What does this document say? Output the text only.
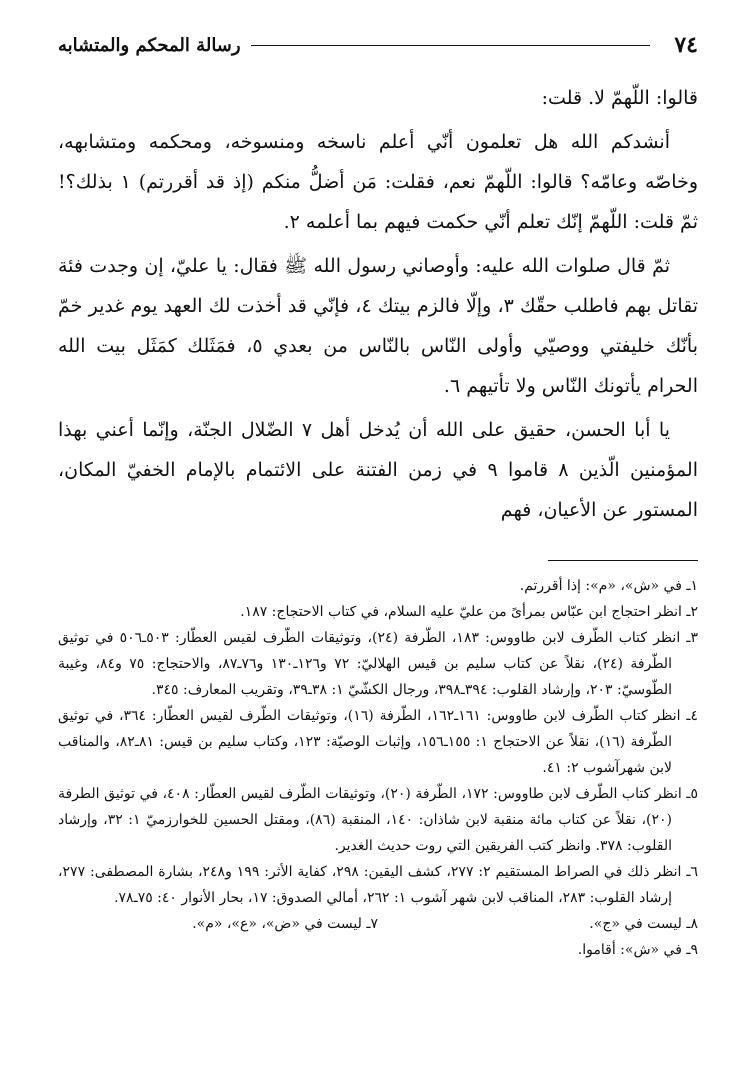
٧٤
رسالة المحكم والمتشابه

قالوا: اللّهمّ لا. قلت:

أنشدكم الله هل تعلمون أنّي أعلم ناسخه ومنسوخه، ومحكمه ومتشابهه، وخاصّه وعامّه؟ قالوا: اللّهمّ نعم، فقلت: مَن أضلُّ منكم (إذ قد أقررتم) ١ بذلك؟! ثمّ قلت: اللّهمّ إنّك تعلم أنّي حكمت فيهم بما أعلمه ٢.

ثمّ قال صلوات الله عليه: وأوصاني رسول الله ﷺ فقال: يا عليّ، إن وجدت فئة تقاتل بهم فاطلب حقّك ٣، وإلّا فالزم بيتك ٤، فإنّي قد أخذت لك العهد يوم غدير خمّ بأنّك خليفتي ووصيّي وأولى النّاس بالنّاس من بعدي ٥، فمَثَلك كمَثَل بيت الله الحرام يأتونك النّاس ولا تأتيهم ٦.

يا أبا الحسن، حقيق على الله أن يُدخل أهل ٧ الضّلال الجنّة، وإنّما أعني بهذا المؤمنين الّذين ٨ قاموا ٩ في زمن الفتنة على الائتمام بالإمام الخفيّ المكان، المستور عن الأعيان، فهم

١ـ في «ش»، «م»: إذا أقررتم.

٢ـ انظر احتجاج ابن عبّاس بمرأىً من عليّ عليه السلام، في كتاب الاحتجاج: ١٨٧.

٣ـ انظر كتاب الطّرف لابن طاووس: ١٨٣، الطّرفة (٢٤)، وتوثيقات الطّرف لقيس العطّار: ٥٠٣ـ٥٠٦ في توثيق الطّرفة (٢٤)، نقلاً عن كتاب سليم بن قيس الهلاليّ: ٧٢ و١٢٦ـ١٣٠ و٧٦ـ٨٧، والاحتجاج: ٧٥ و٨٤، وغيبة الطّوسيّ: ٢٠٣، وإرشاد القلوب: ٣٩٤ـ٣٩٨، ورجال الكشّيّ ١: ٣٨ـ٣٩، وتقريب المعارف: ٣٤٥.

٤ـ انظر كتاب الطّرف لابن طاووس: ١٦١ـ١٦٢، الطّرفة (١٦)، وتوثيقات الطّرف لقيس العطّار: ٣٦٤، في توثيق الطّرفة (١٦)، نقلاً عن الاحتجاج ١: ١٥٥ـ١٥٦، وإثبات الوصيّة: ١٢٣، وكتاب سليم بن قيس: ٨١ـ٨٢، والمناقب لابن شهرآشوب ٢: ٤١.

٥ـ انظر كتاب الطّرف لابن طاووس: ١٧٢، الطّرفة (٢٠)، وتوثيقات الطّرف لقيس العطّار: ٤٠٨، في توثيق الطرفة (٢٠)، نقلاً عن كتاب مائة منقبة لابن شاذان: ١٤٠، المنقبة (٨٦)، ومقتل الحسين للخوارزميّ ١: ٣٢، وإرشاد القلوب: ٣٧٨. وانظر كتب الفريقين التي روت حديث الغدير.

٦ـ انظر ذلك في الصراط المستقيم ٢: ٢٧٧، كشف اليقين: ٢٩٨، كفاية الأثر: ١٩٩ و٢٤٨، بشارة المصطفى: ٢٧٧، إرشاد القلوب: ٢٨٣، المناقب لابن شهر آشوب ١: ٢٦٢، أمالي الصدوق: ١٧، بحار الأنوار ٤٠: ٧٥ـ٧٨.

٨ـ ليست في «ج».

٧ـ ليست في «ض»، «ع»، «م».

٩ـ في «ش»: أقاموا.
